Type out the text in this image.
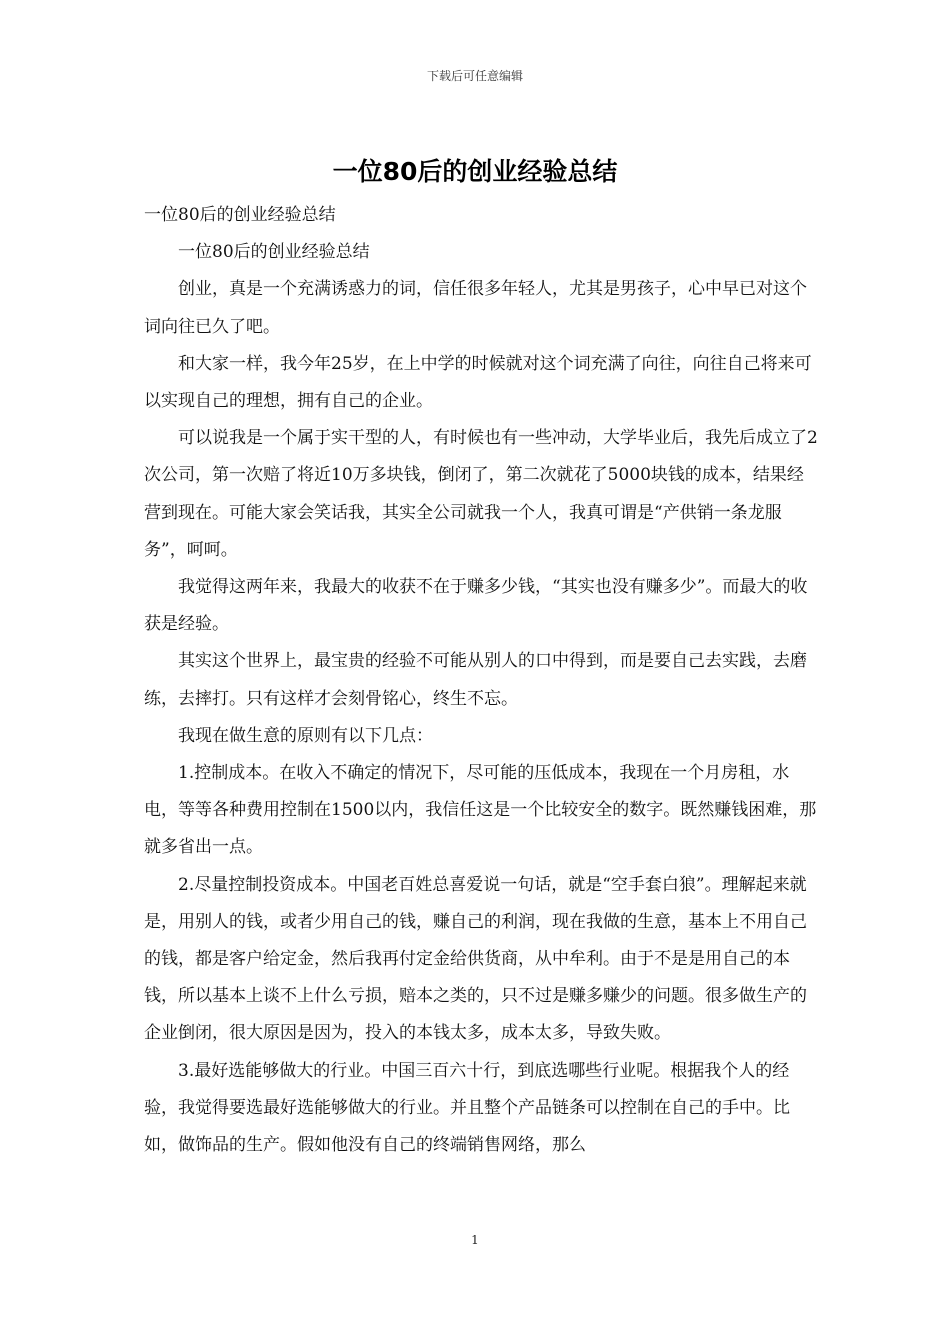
下载后可任意编辑
一位80后的创业经验总结

一位80后的创业经验总结

一位80后的创业经验总结

创业，真是一个充满诱惑力的词，信任很多年轻人，尤其是男孩子，心中早已对这个词向往已久了吧。

和大家一样，我今年25岁，在上中学的时候就对这个词充满了向往，向往自己将来可以实现自己的理想，拥有自己的企业。

可以说我是一个属于实干型的人，有时候也有一些冲动，大学毕业后，我先后成立了2次公司，第一次赔了将近10万多块钱，倒闭了，第二次就花了5000块钱的成本，结果经营到现在。可能大家会笑话我，其实全公司就我一个人，我真可谓是“产供销一条龙服务”，呵呵。

我觉得这两年来，我最大的收获不在于赚多少钱，“其实也没有赚多少”。而最大的收获是经验。

其实这个世界上，最宝贵的经验不可能从别人的口中得到，而是要自己去实践，去磨练，去摔打。只有这样才会刻骨铭心，终生不忘。

我现在做生意的原则有以下几点：

1.控制成本。在收入不确定的情况下，尽可能的压低成本，我现在一个月房租，水电，等等各种费用控制在1500以内，我信任这是一个比较安全的数字。既然赚钱困难，那就多省出一点。

2.尽量控制投资成本。中国老百姓总喜爱说一句话，就是“空手套白狼”。理解起来就是，用别人的钱，或者少用自己的钱，赚自己的利润，现在我做的生意，基本上不用自己的钱，都是客户给定金，然后我再付定金给供货商，从中牟利。由于不是是用自己的本钱，所以基本上谈不上什么亏损，赔本之类的，只不过是赚多赚少的问题。很多做生产的企业倒闭，很大原因是因为，投入的本钱太多，成本太多，导致失败。

3.最好选能够做大的行业。中国三百六十行，到底选哪些行业呢。根据我个人的经验，我觉得要选最好选能够做大的行业。并且整个产品链条可以控制在自己的手中。比如，做饰品的生产。假如他没有自己的终端销售网络，那么

1
